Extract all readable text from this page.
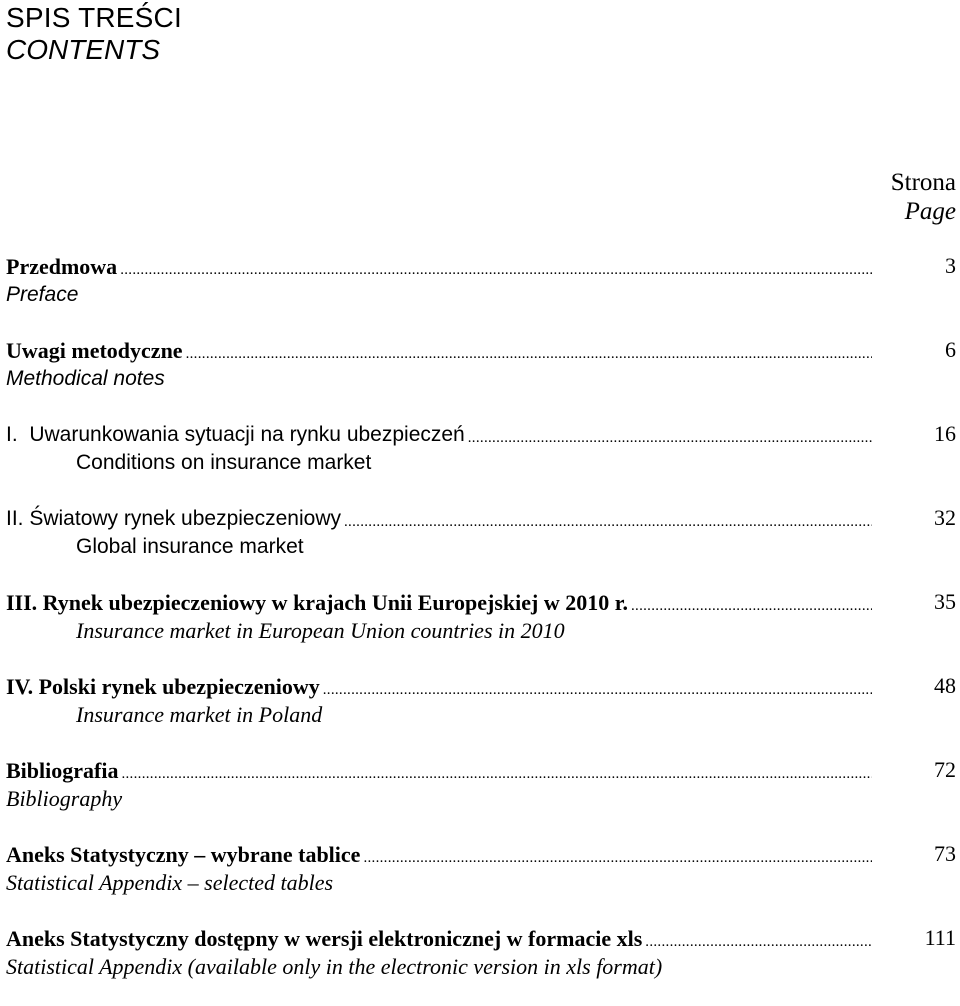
SPIS TREŚCI
CONTENTS
Strona
Page
Przedmowa .....	3
Preface
Uwagi metodyczne .....	6
Methodical notes
I.  Uwarunkowania sytuacji na rynku ubezpieczeń .....	16
Conditions on insurance market
II. Światowy rynek ubezpieczeniowy .....	32
Global insurance market
III. Rynek ubezpieczeniowy w krajach Unii Europejskiej w 2010 r. .....	35
Insurance market in European Union countries in 2010
IV. Polski rynek ubezpieczeniowy .....	48
Insurance market in Poland
Bibliografia .....	72
Bibliography
Aneks Statystyczny – wybrane tablice .....	73
Statistical Appendix – selected tables
Aneks Statystyczny dostępny w wersji elektronicznej w formacie xls .....	111
Statistical Appendix (available only in the electronic version in xls format)
